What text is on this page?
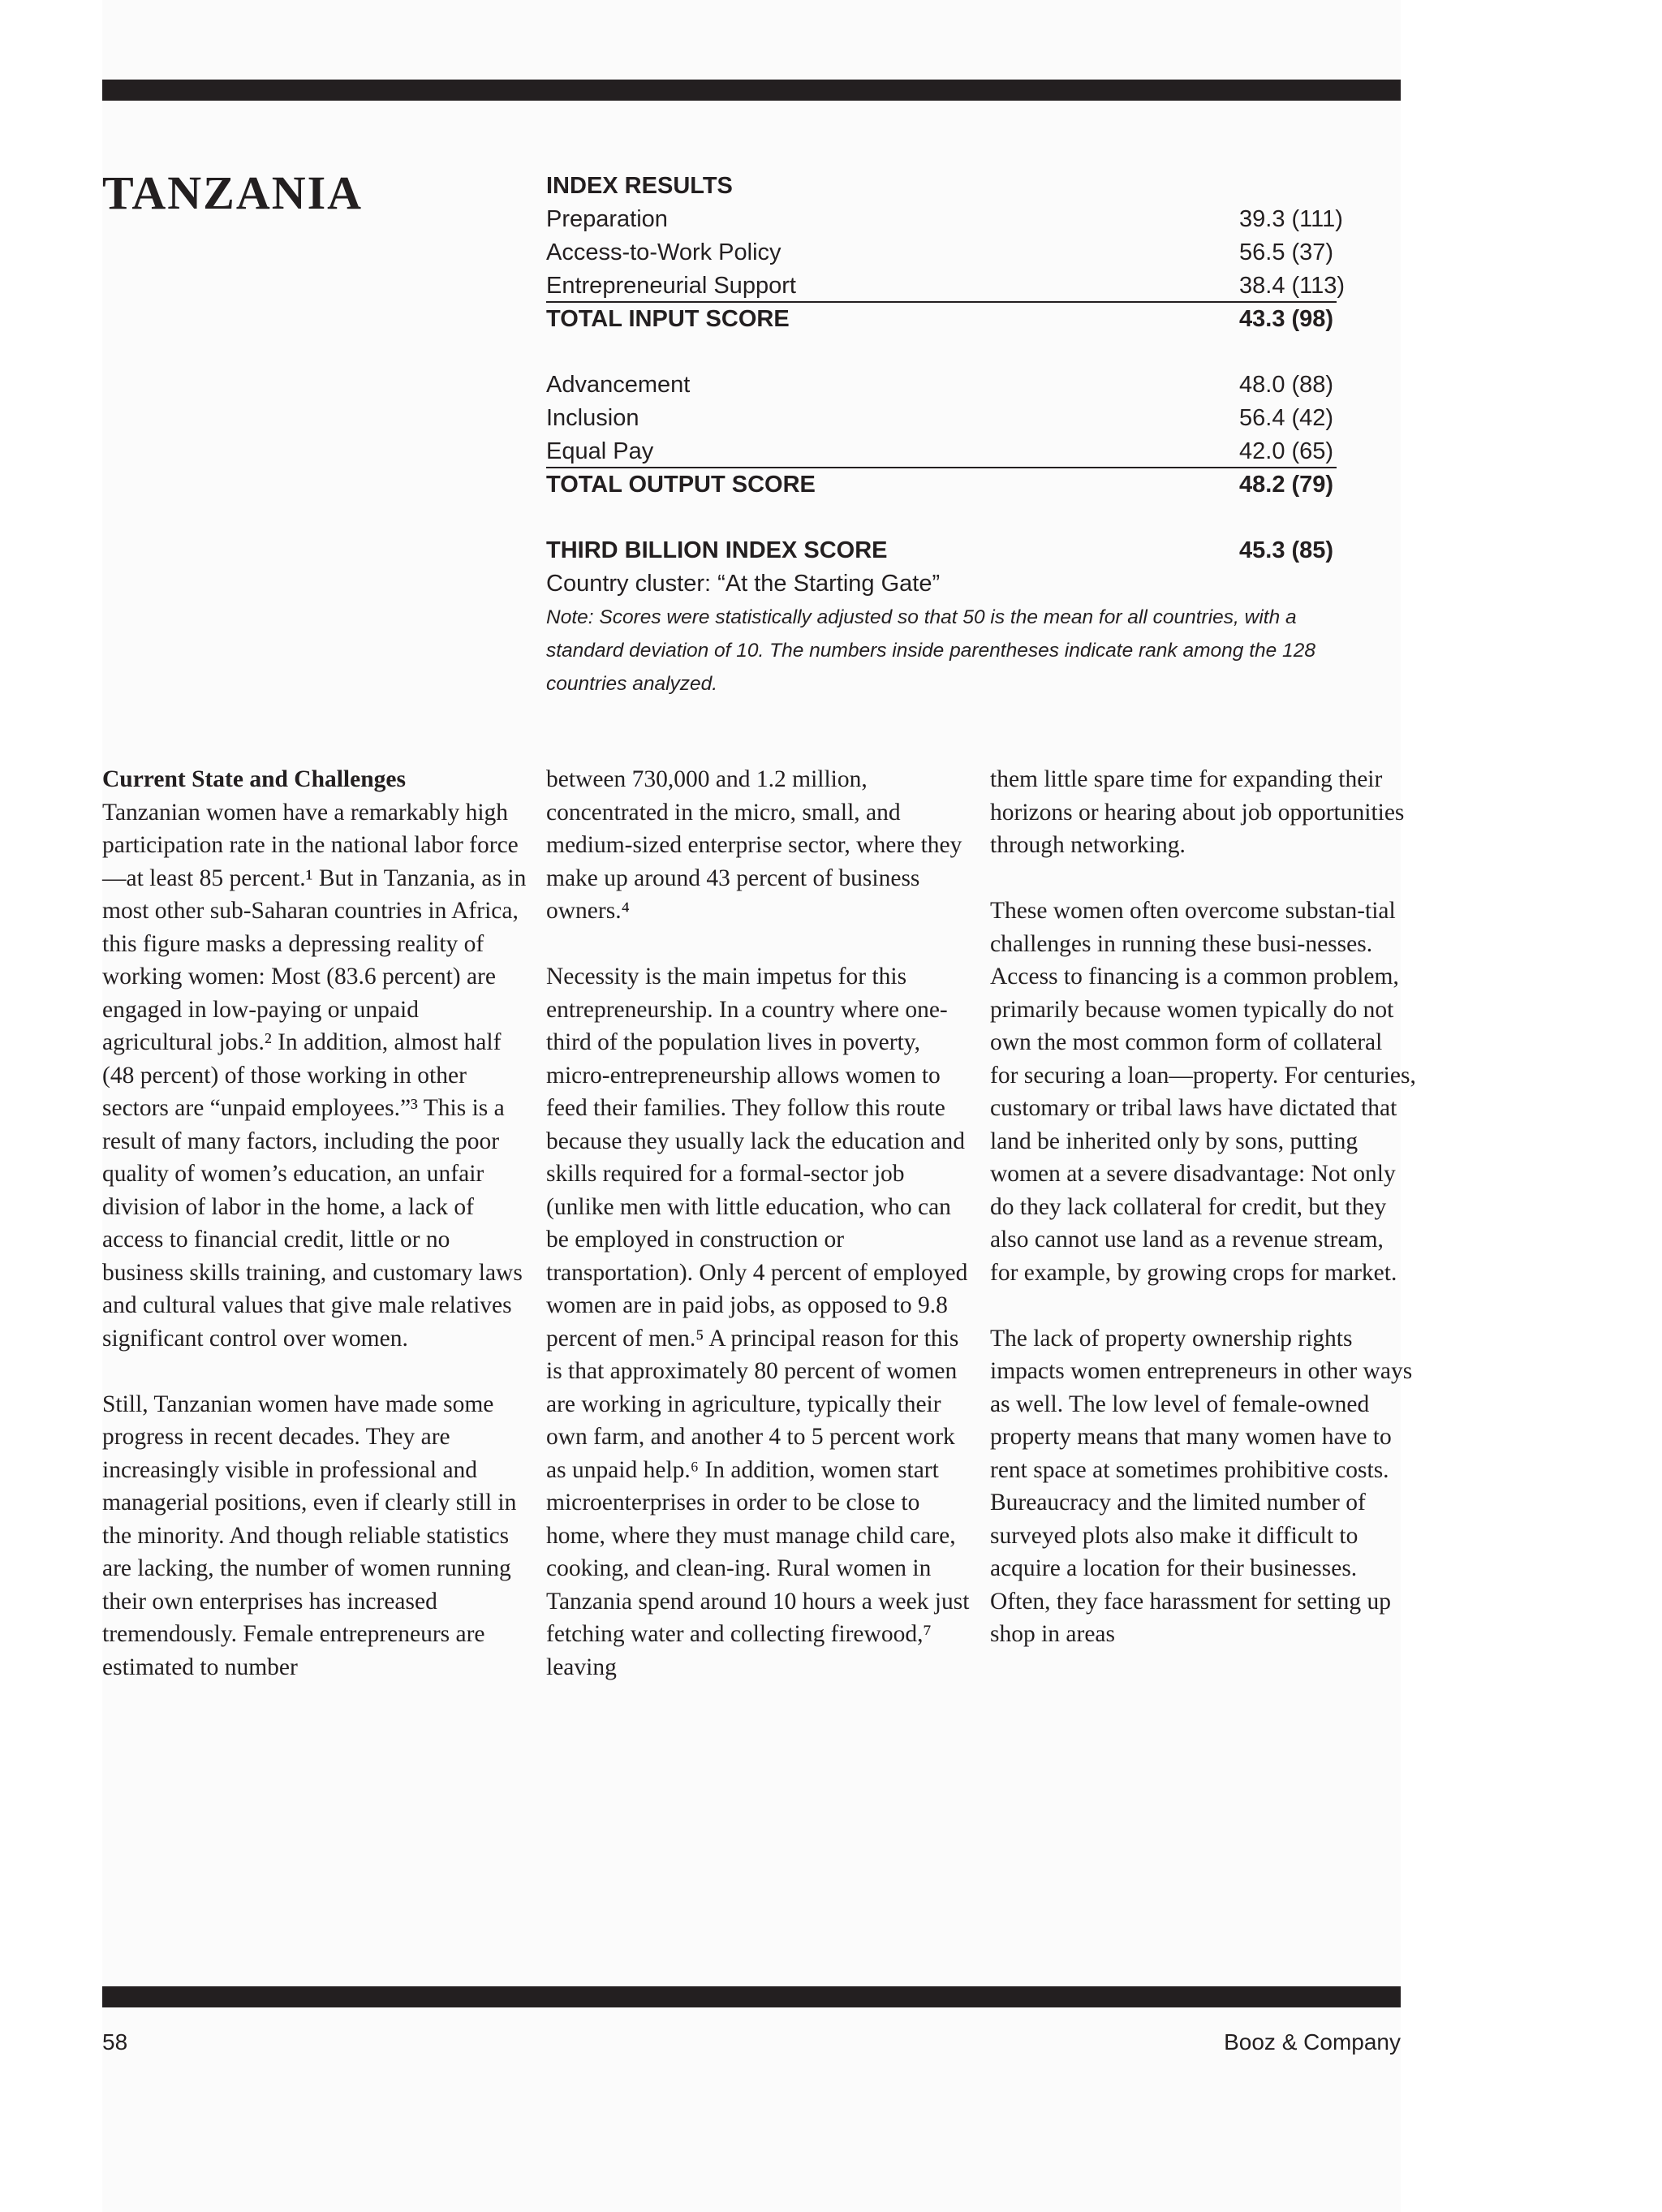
TANZANIA	INDEX RESULTS
Preparation	39.3 (111)
Access-to-Work Policy	56.5 (37)
Entrepreneurial Support	38.4 (113)
TOTAL INPUT SCORE	43.3 (98)
Advancement	48.0 (88)
Inclusion	56.4 (42)
Equal Pay	42.0 (65)
TOTAL OUTPUT SCORE	48.2 (79)
THIRD BILLION INDEX SCORE	45.3 (85)
Country cluster: “At the Starting Gate”
Note: Scores were statistically adjusted so that 50 is the mean for all countries, with a standard deviation of 10. The numbers inside parentheses indicate rank among the 128 countries analyzed.

Current State and Challenges

Tanzanian women have a remarkably high participation rate in the national labor force—at least 85 percent.¹ But in Tanzania, as in most other sub-Saharan countries in Africa, this figure masks a depressing reality of working women: Most (83.6 percent) are engaged in low-paying or unpaid agricultural jobs.² In addition, almost half (48 percent) of those working in other sectors are “unpaid employees.”³ This is a result of many factors, including the poor quality of women’s education, an unfair division of labor in the home, a lack of access to financial credit, little or no business skills training, and customary laws and cultural values that give male relatives significant control over women.

Still, Tanzanian women have made some progress in recent decades. They are increasingly visible in professional and managerial positions, even if clearly still in the minority. And though reliable statistics are lacking, the number of women running their own enterprises has increased tremendously. Female entrepreneurs are estimated to number

between 730,000 and 1.2 million, concentrated in the micro, small, and medium-sized enterprise sector, where they make up around 43 percent of business owners.⁴

Necessity is the main impetus for this entrepreneurship. In a country where one-third of the population lives in poverty, micro-entrepreneurship allows women to feed their families. They follow this route because they usually lack the education and skills required for a formal-sector job (unlike men with little education, who can be employed in construction or transportation). Only 4 percent of employed women are in paid jobs, as opposed to 9.8 percent of men.⁵ A principal reason for this is that approximately 80 percent of women are working in agriculture, typically their own farm, and another 4 to 5 percent work as unpaid help.⁶ In addition, women start microenterprises in order to be close to home, where they must manage child care, cooking, and clean-ing. Rural women in Tanzania spend around 10 hours a week just fetching water and collecting firewood,⁷ leaving

them little spare time for expanding their horizons or hearing about job opportunities through networking.

These women often overcome substan-tial challenges in running these busi-nesses. Access to financing is a common problem, primarily because women typically do not own the most common form of collateral for securing a loan—property. For centuries, customary or tribal laws have dictated that land be inherited only by sons, putting women at a severe disadvantage: Not only do they lack collateral for credit, but they also cannot use land as a revenue stream, for example, by growing crops for market.

The lack of property ownership rights impacts women entrepreneurs in other ways as well. The low level of female-owned property means that many women have to rent space at sometimes prohibitive costs. Bureaucracy and the limited number of surveyed plots also make it difficult to acquire a location for their businesses. Often, they face harassment for setting up shop in areas

58	Booz & Company
